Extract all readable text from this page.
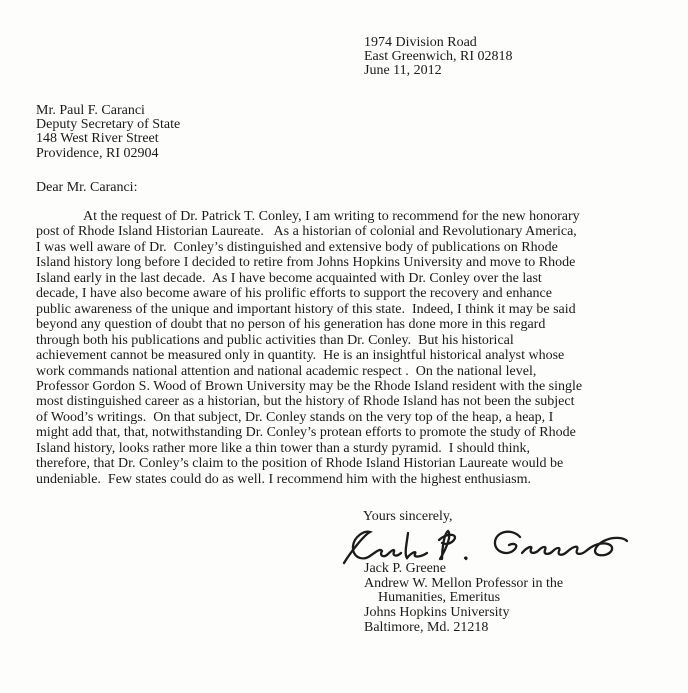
1974 Division Road
East Greenwich, RI 02818
June 11, 2012
Mr. Paul F. Caranci
Deputy Secretary of State
148 West River Street
Providence, RI 02904
Dear Mr. Caranci:
At the request of Dr. Patrick T. Conley, I am writing to recommend for the new honorary
post of Rhode Island Historian Laureate.   As a historian of colonial and Revolutionary America,
I was well aware of Dr.  Conley’s distinguished and extensive body of publications on Rhode
Island history long before I decided to retire from Johns Hopkins University and move to Rhode
Island early in the last decade.  As I have become acquainted with Dr. Conley over the last
decade, I have also become aware of his prolific efforts to support the recovery and enhance
public awareness of the unique and important history of this state.  Indeed, I think it may be said
beyond any question of doubt that no person of his generation has done more in this regard
through both his publications and public activities than Dr. Conley.  But his historical
achievement cannot be measured only in quantity.  He is an insightful historical analyst whose
work commands national attention and national academic respect .  On the national level,
Professor Gordon S. Wood of Brown University may be the Rhode Island resident with the single
most distinguished career as a historian, but the history of Rhode Island has not been the subject
of Wood’s writings.  On that subject, Dr. Conley stands on the very top of the heap, a heap, I
might add that, that, notwithstanding Dr. Conley’s protean efforts to promote the study of Rhode
Island history, looks rather more like a thin tower than a sturdy pyramid.  I should think,
therefore, that Dr. Conley’s claim to the position of Rhode Island Historian Laureate would be
undeniable.  Few states could do as well. I recommend him with the highest enthusiasm.
Yours sincerely,
Jack P. Greene
Andrew W. Mellon Professor in the
Humanities, Emeritus
Johns Hopkins University
Baltimore, Md. 21218
